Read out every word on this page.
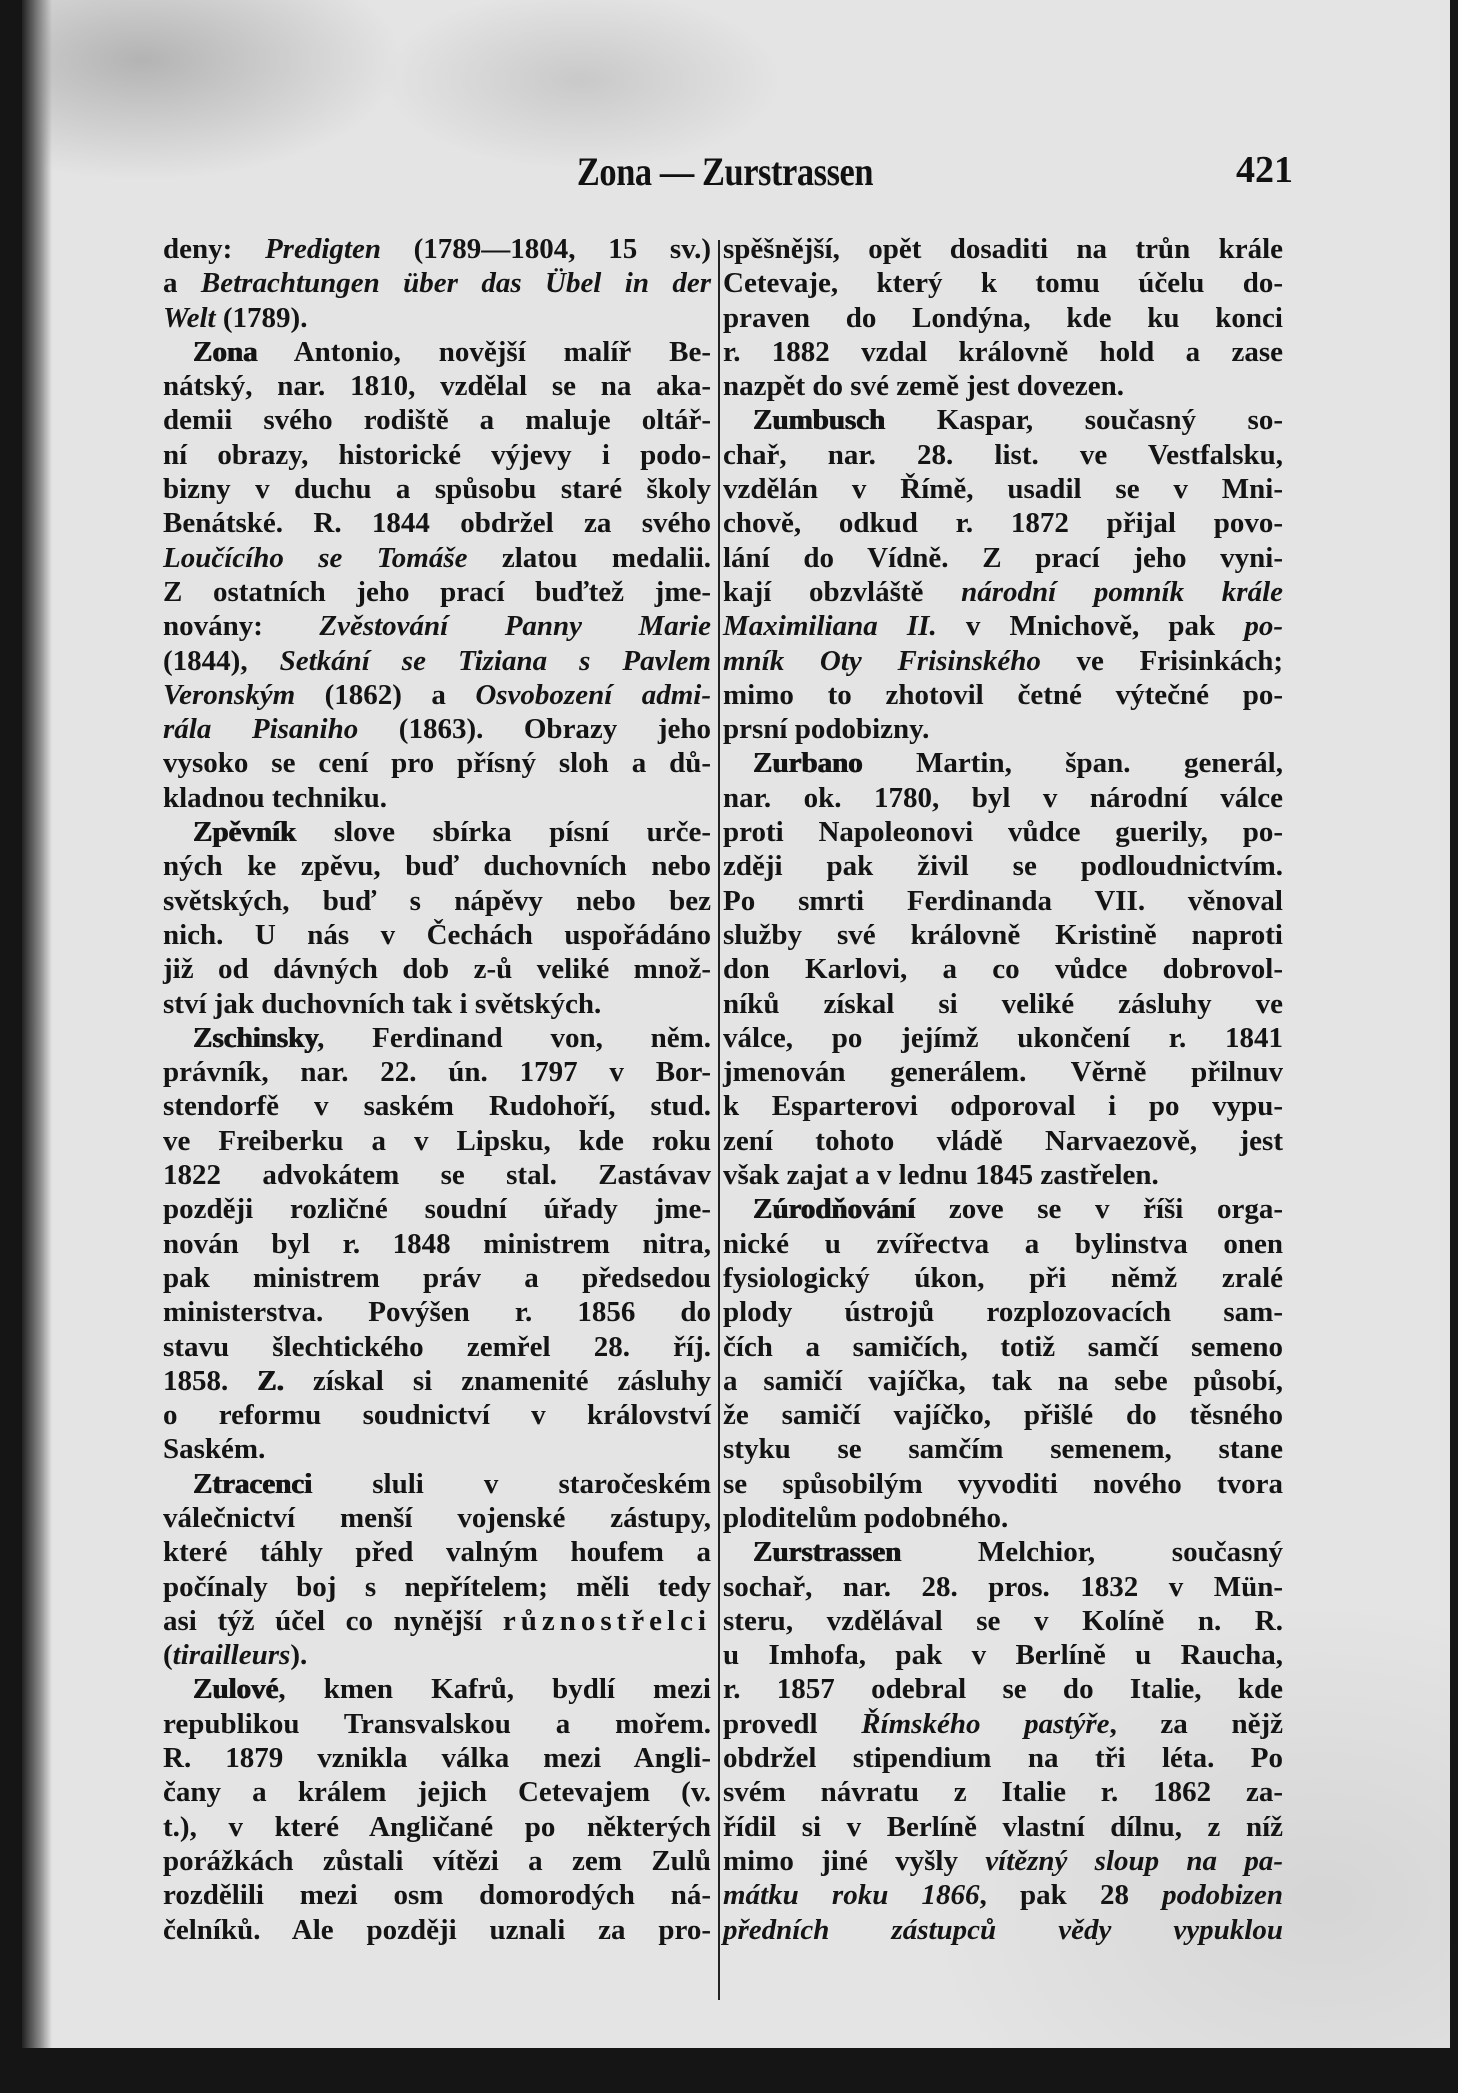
Zona — Zurstrassen	421
deny: Predigten (1789—1804, 15 sv.)
a Betrachtungen über das Übel in der
Welt (1789).
Zona Antonio, novější malíř Be-
nátský, nar. 1810, vzdělal se na aka-
demii svého rodiště a maluje oltář-
ní obrazy, historické výjevy i podo-
bizny v duchu a spůsobu staré školy
Benátské. R. 1844 obdržel za svého
Loučícího se Tomáše zlatou medalii.
Z ostatních jeho prací buďtež jme-
novány: Zvěstování Panny Marie
(1844), Setkání se Tiziana s Pavlem
Veronským (1862) a Osvobození admi-
rála Pisaniho (1863). Obrazy jeho
vysoko se cení pro přísný sloh a dů-
kladnou techniku.
Zpěvník slove sbírka písní urče-
ných ke zpěvu, buď duchovních nebo
světských, buď s nápěvy nebo bez
nich. U nás v Čechách uspořádáno
již od dávných dob z-ů veliké množ-
ství jak duchovních tak i světských.
Zschinsky, Ferdinand von, něm.
právník, nar. 22. ún. 1797 v Bor-
stendorfě v saském Rudohoří, stud.
ve Freiberku a v Lipsku, kde roku
1822 advokátem se stal. Zastávav
později rozličné soudní úřady jme-
nován byl r. 1848 ministrem nitra,
pak ministrem práv a předsedou
ministerstva. Povýšen r. 1856 do
stavu šlechtického zemřel 28. říj.
1858. Z. získal si znamenité zásluhy
o reformu soudnictví v království
Saském.
Ztracenci sluli v staročeském
válečnictví menší vojenské zástupy,
které táhly před valným houfem a
počínaly boj s nepřítelem; měli tedy
asi týž účel co nynější různostřelci
(tirailleurs).
Zulové, kmen Kafrů, bydlí mezi
republikou Transvalskou a mořem.
R. 1879 vznikla válka mezi Angli-
čany a králem jejich Cetevajem (v.
t.), v které Angličané po některých
porážkách zůstali vítězi a zem Zulů
rozdělili mezi osm domorodých ná-
čelníků. Ale později uznali za pro-
spěšnější, opět dosaditi na trůn krále
Cetevaje, který k tomu účelu do-
praven do Londýna, kde ku konci
r. 1882 vzdal královně hold a zase
nazpět do své země jest dovezen.
Zumbusch Kaspar, současný so-
chař, nar. 28. list. ve Vestfalsku,
vzdělán v Římě, usadil se v Mni-
chově, odkud r. 1872 přijal povo-
lání do Vídně. Z prací jeho vyni-
kají obzvláště národní pomník krále
Maximiliana II. v Mnichově, pak po-
mník Oty Frisinského ve Frisinkách;
mimo to zhotovil četné výtečné po-
prsní podobizny.
Zurbano Martin, špan. generál,
nar. ok. 1780, byl v národní válce
proti Napoleonovi vůdce guerily, po-
zději pak živil se podloudnictvím.
Po smrti Ferdinanda VII. věnoval
služby své královně Kristině naproti
don Karlovi, a co vůdce dobrovol-
níků získal si veliké zásluhy ve
válce, po jejímž ukončení r. 1841
jmenován generálem. Věrně přilnuv
k Esparterovi odporoval i po vypu-
zení tohoto vládě Narvaezově, jest
však zajat a v lednu 1845 zastřelen.
Zúrodňování zove se v říši orga-
nické u zvířectva a bylinstva onen
fysiologický úkon, při němž zralé
plody ústrojů rozplozovacích sam-
čích a samičích, totiž samčí semeno
a samičí vajíčka, tak na sebe působí,
že samičí vajíčko, přišlé do těsného
styku se samčím semenem, stane
se spůsobilým vyvoditi nového tvora
ploditelům podobného.
Zurstrassen Melchior, současný
sochař, nar. 28. pros. 1832 v Mün-
steru, vzdělával se v Kolíně n. R.
u Imhofa, pak v Berlíně u Raucha,
r. 1857 odebral se do Italie, kde
provedl Římského pastýře, za nějž
obdržel stipendium na tři léta. Po
svém návratu z Italie r. 1862 za-
řídil si v Berlíně vlastní dílnu, z níž
mimo jiné vyšly vítězný sloup na pa-
mátku roku 1866, pak 28 podobizen
předních zástupců vědy vypuklou
